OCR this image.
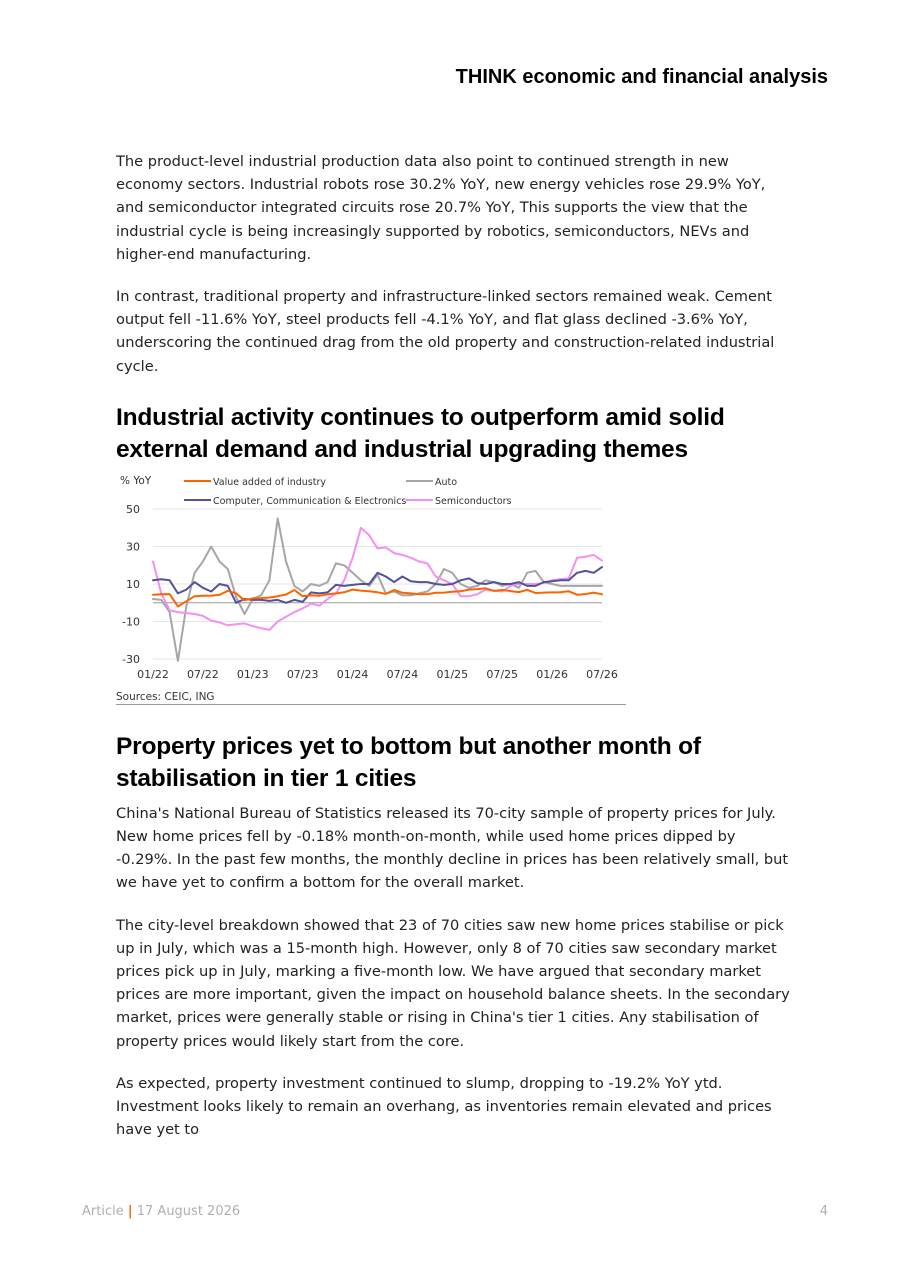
THINK economic and financial analysis

The product-level industrial production data also point to continued strength in new economy sectors. Industrial robots rose 30.2% YoY, new energy vehicles rose 29.9% YoY, and semiconductor integrated circuits rose 20.7% YoY, This supports the view that the industrial cycle is being increasingly supported by robotics, semiconductors, NEVs and higher-end manufacturing.

In contrast, traditional property and infrastructure-linked sectors remained weak. Cement output fell -11.6% YoY, steel products fell -4.1% YoY, and flat glass declined -3.6% YoY, underscoring the continued drag from the old property and construction-related industrial cycle.

Industrial activity continues to outperform amid solid external demand and industrial upgrading themes
% YoY
50
30
10
-10
-30
01/22 07/22 01/23 07/23 01/24 07/24 01/25 07/25 01/26 07/26
Value added of industry	Auto
Computer, Communication & Electronics	Semiconductors
Sources: CEIC, ING
Property prices yet to bottom but another month of stabilisation in tier 1 cities

China's National Bureau of Statistics released its 70-city sample of property prices for July. New home prices fell by -0.18% month-on-month, while used home prices dipped by -0.29%. In the past few months, the monthly decline in prices has been relatively small, but we have yet to confirm a bottom for the overall market.

The city-level breakdown showed that 23 of 70 cities saw new home prices stabilise or pick up in July, which was a 15-month high. However, only 8 of 70 cities saw secondary market prices pick up in July, marking a five-month low. We have argued that secondary market prices are more important, given the impact on household balance sheets. In the secondary market, prices were generally stable or rising in China's tier 1 cities. Any stabilisation of property prices would likely start from the core.

As expected, property investment continued to slump, dropping to -19.2% YoY ytd. Investment looks likely to remain an overhang, as inventories remain elevated and prices have yet to

Article | 17 August 2026	4
